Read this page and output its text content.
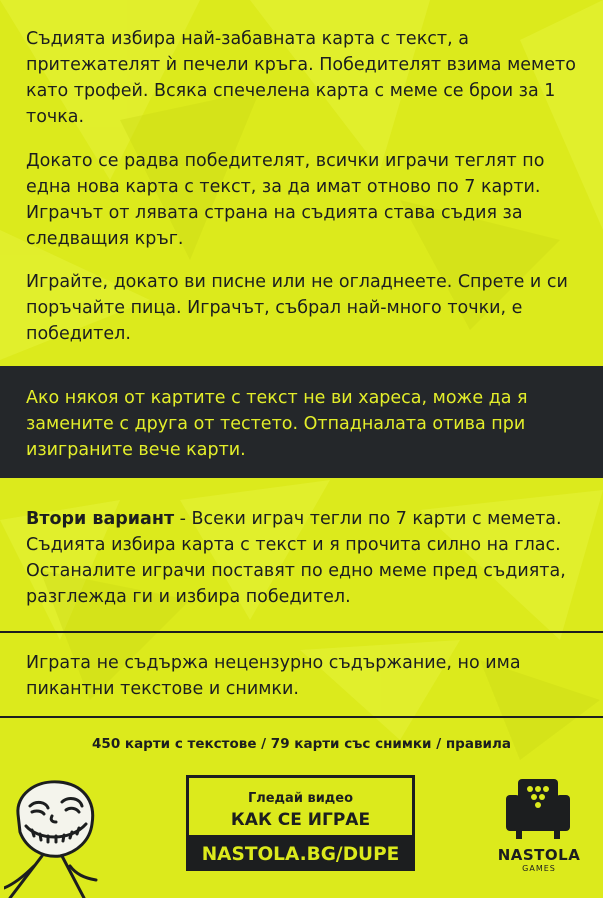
Съдията избира най-забавната карта с текст, а притежателят ѝ печели кръга. Победителят взима мемето като трофей. Всяка спечелена карта с меме се брои за 1 точка.

Докато се радва победителят, всички играчи теглят по една нова карта с текст, за да имат отново по 7 карти. Играчът от лявата страна на съдията става съдия за следващия кръг.

Играйте, докато ви писне или не огладнеете. Спрете и си поръчайте пица. Играчът, събрал най-много точки, е победител.

Ако някоя от картите с текст не ви хареса, може да я замените с друга от тестето. Отпадналата отива при изиграните вече карти.

Втори вариант - Всеки играч тегли по 7 карти с мемета. Съдията избира карта с текст и я прочита силно на глас. Останалите играчи поставят по едно меме пред съдията, разглежда ги и избира победител.

Играта не съдържа нецензурно съдържание, но има пикантни текстове и снимки.

450 карти с текстове / 79 карти със снимки / правила

Гледай видео

КАК СЕ ИГРАЕ

NASTOLA.BG/DUPE	NASTOLA

GAMES
